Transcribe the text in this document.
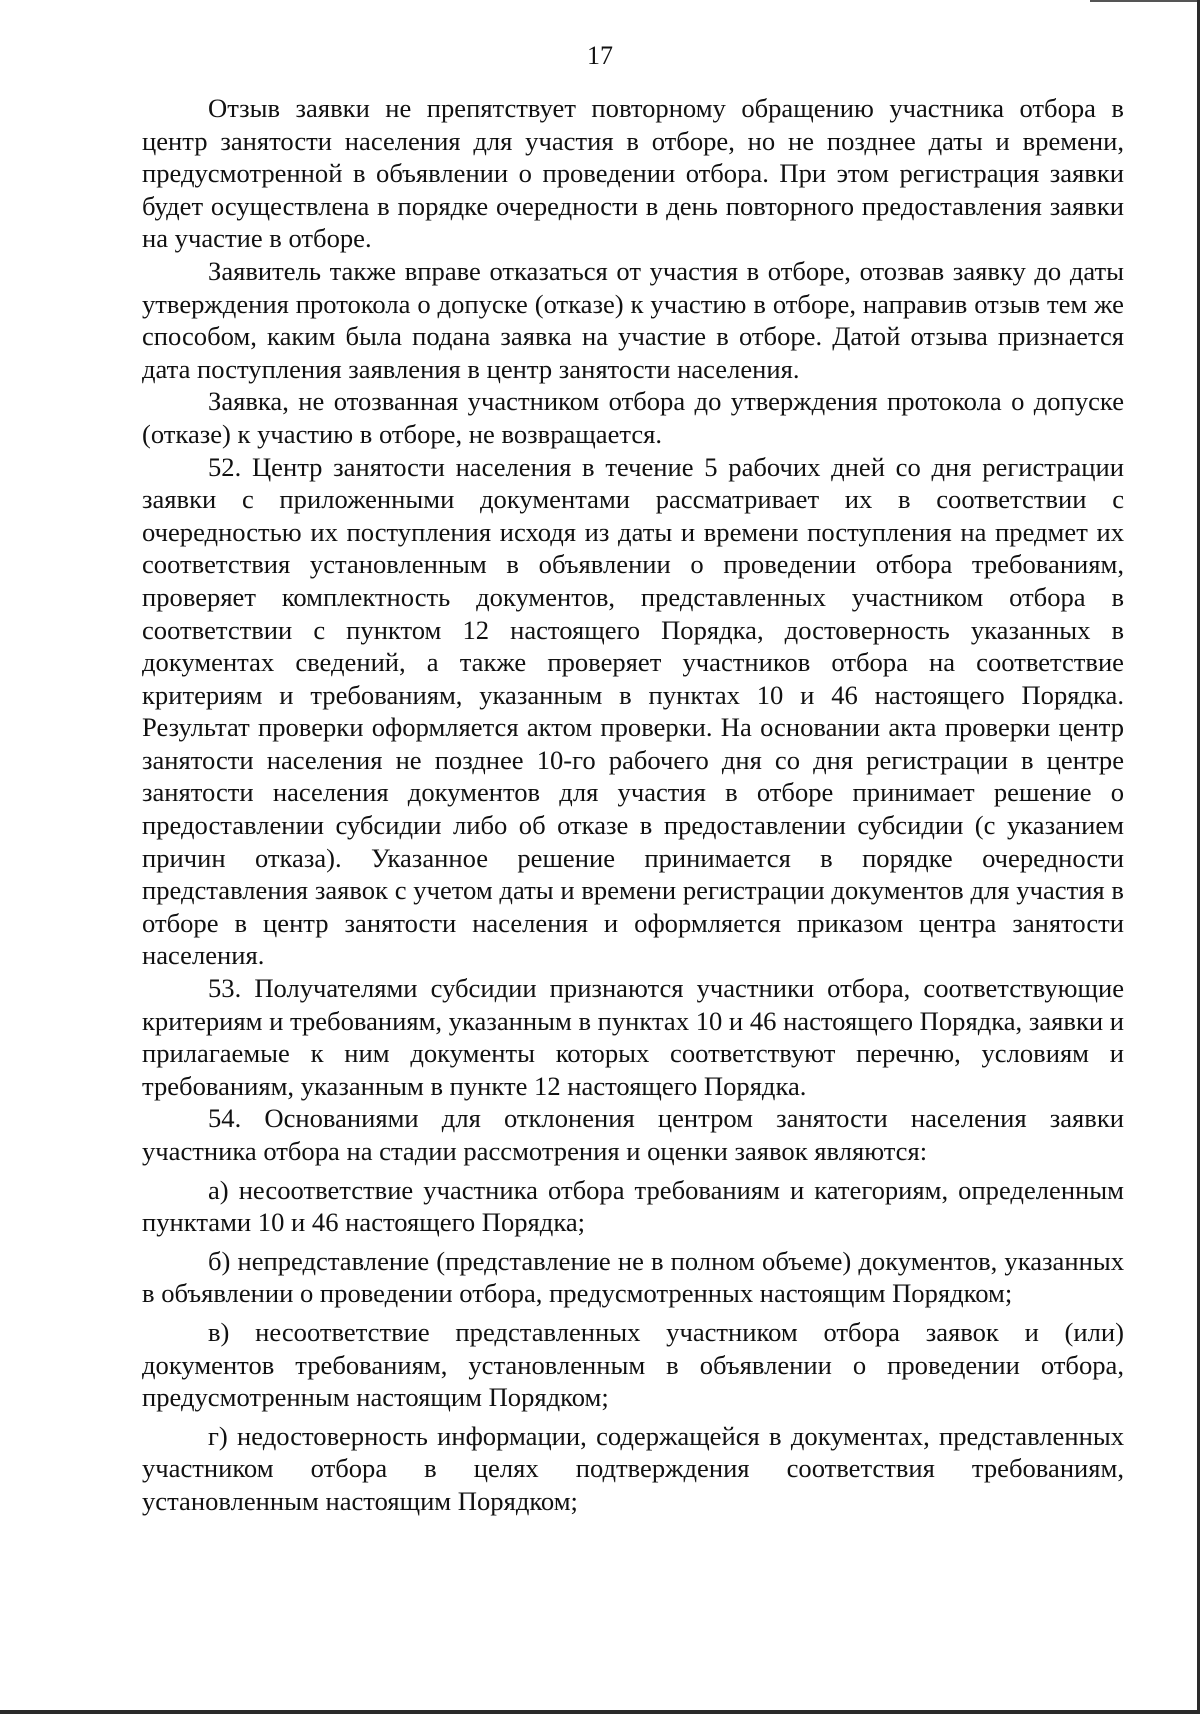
17

Отзыв заявки не препятствует повторному обращению участника отбора в центр занятости населения для участия в отборе, но не позднее даты и времени, предусмотренной в объявлении о проведении отбора. При этом регистрация заявки будет осуществлена в порядке очередности в день повторного предоставления заявки на участие в отборе.

Заявитель также вправе отказаться от участия в отборе, отозвав заявку до даты утверждения протокола о допуске (отказе) к участию в отборе, направив отзыв тем же способом, каким была подана заявка на участие в отборе. Датой отзыва признается дата поступления заявления в центр занятости населения.

Заявка, не отозванная участником отбора до утверждения протокола о допуске (отказе) к участию в отборе, не возвращается.

52. Центр занятости населения в течение 5 рабочих дней со дня регистрации заявки с приложенными документами рассматривает их в соответствии с очередностью их поступления исходя из даты и времени поступления на предмет их соответствия установленным в объявлении о проведении отбора требованиям, проверяет комплектность документов, представленных участником отбора в соответствии с пунктом 12 настоящего Порядка, достоверность указанных в документах сведений, а также проверяет участников отбора на соответствие критериям и требованиям, указанным в пунктах 10 и 46 настоящего Порядка. Результат проверки оформляется актом проверки. На основании акта проверки центр занятости населения не позднее 10-го рабочего дня со дня регистрации в центре занятости населения документов для участия в отборе принимает решение о предоставлении субсидии либо об отказе в предоставлении субсидии (с указанием причин отказа). Указанное решение принимается в порядке очередности представления заявок с учетом даты и времени регистрации документов для участия в отборе в центр занятости населения и оформляется приказом центра занятости населения.

53. Получателями субсидии признаются участники отбора, соответствующие критериям и требованиям, указанным в пунктах 10 и 46 настоящего Порядка, заявки и прилагаемые к ним документы которых соответствуют перечню, условиям и требованиям, указанным в пункте 12 настоящего Порядка.

54. Основаниями для отклонения центром занятости населения заявки участника отбора на стадии рассмотрения и оценки заявок являются:

а) несоответствие участника отбора требованиям и категориям, определенным пунктами 10 и 46 настоящего Порядка;

б) непредставление (представление не в полном объеме) документов, указанных в объявлении о проведении отбора, предусмотренных настоящим Порядком;

в) несоответствие представленных участником отбора заявок и (или) документов требованиям, установленным в объявлении о проведении отбора, предусмотренным настоящим Порядком;

г) недостоверность информации, содержащейся в документах, представленных участником отбора в целях подтверждения соответствия требованиям, установленным настоящим Порядком;
